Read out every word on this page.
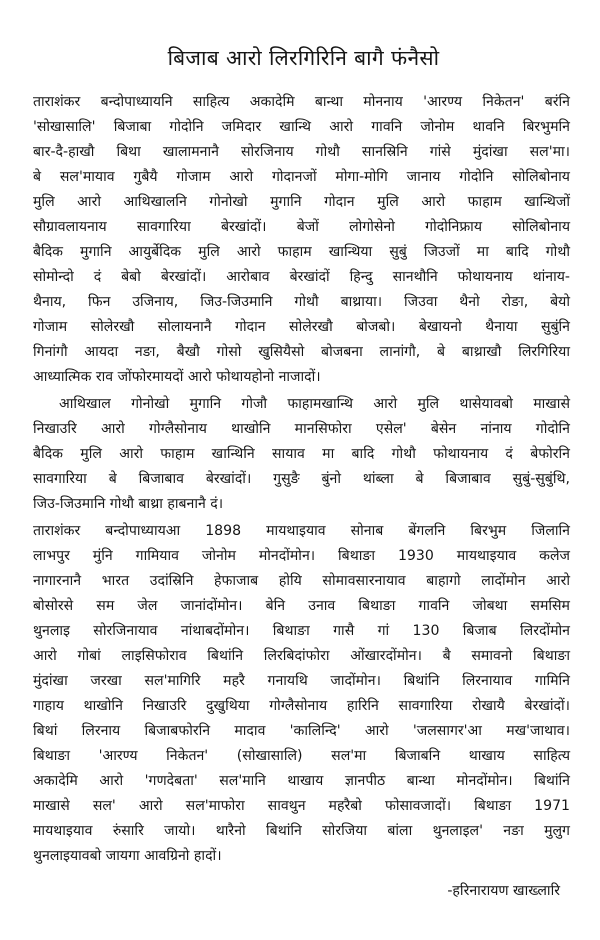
बिजाब आरो लिरगिरिनि बागै फंनैसो
ताराशंकर बन्दोपाध्यायनि साहित्य अकादेमि बान्था मोननाय 'आरण्य निकेतन' बरंनि
'सोखासालि' बिजाबा गोदोनि जमिदार खान्थि आरो गावनि जोनोम थावनि बिरभुमनि
बार-दै-हाखौ बिथा खालामनानै सोरजिनाय गोथौ सानस्रिनि गांसे मुंदांखा सल'मा।
बे सल'मायाव गुबैयै गोजाम आरो गोदानजों मोगा-मोगि जानाय गोदोनि सोलिबोनाय
मुलि आरो आथिखालनि गोनोखो मुगानि गोदान मुलि आरो फाहाम खान्थिजों
सौग्रावलायनाय सावगारिया बेरखांदों। बेजों लोगोसेनो गोदोनिफ्राय सोलिबोनाय
बैदिक मुगानि आयुर्बेदिक मुलि आरो फाहाम खान्थिया सुबुं जिउजों मा बादि गोथौ
सोमोन्दो दं बेबो बेरखांदों। आरोबाव बेरखांदों हिन्दु सानथौनि फोथायनाय थांनाय-
थैनाय, फिन उजिनाय, जिउ-जिउमानि गोथौ बाथ्राया। जिउवा थैनो रोङा, बेयो
गोजाम सोलेरखौ सोलायनानै गोदान सोलेरखौ बोजबो। बेखायनो थैनाया सुबुंनि
गिनांगौ आयदा नङा, बैखौ गोसो खुसियैसो बोजबना लानांगौ, बे बाथ्राखौ लिरगिरिया
आध्यात्मिक राव जोंफोरमायदों आरो फोथायहोनो नाजादों।
आथिखाल गोनोखो मुगानि गोजौ फाहामखान्थि आरो मुलि थासेयावबो माखासे
निखाउरि आरो गोग्लैसोनाय थाखोनि मानसिफोरा एसेल' बेसेन नांनाय गोदोनि
बैदिक मुलि आरो फाहाम खान्थिनि सायाव मा बादि गोथौ फोथायनाय दं बेफोरनि
सावगारिया बे बिजाबाव बेरखांदों। गुसुङै बुंनो थांब्ला बे बिजाबाव सुबुं-सुबुंथि,
जिउ-जिउमानि गोथौ बाथ्रा हाबनानै दं।
ताराशंकर बन्दोपाध्यायआ 1898 मायथाइयाव सोनाब बेंगलनि बिरभुम जिलानि
लाभपुर मुंनि गामियाव जोनोम मोनदोंमोन। बिथाङा 1930 मायथाइयाव कलेज
नागारनानै भारत उदांस्रिनि हेफाजाब होयि सोमावसारनायाव बाहागो लादोंमोन आरो
बोसोरसे सम जेल जानांदोंमोन। बेनि उनाव बिथाङा गावनि जोबथा समसिम
थुनलाइ सोरजिनायाव नांथाबदोंमोन। बिथाङा गासै गां 130 बिजाब लिरदोंमोन
आरो गोबां लाइसिफोराव बिथांनि लिरबिदांफोरा ओंखारदोंमोन। बै समावनो बिथाङा
मुंदांखा जरखा सल'मागिरि महरै गनायथि जादोंमोन। बिथांनि लिरनायाव गामिनि
गाहाय थाखोनि निखाउरि दुखुथिया गोग्लैसोनाय हारिनि सावगारिया रोखायै बेरखांदों।
बिथां लिरनाय बिजाबफोरनि मादाव 'कालिन्दि' आरो 'जलसागर'आ मख'जाथाव।
बिथाङा 'आरण्य निकेतन' (सोखासालि) सल'मा बिजाबनि थाखाय साहित्य
अकादेमि आरो 'गणदेबता' सल'मानि थाखाय ज्ञानपीठ बान्था मोनदोंमोन। बिथांनि
माखासे सल' आरो सल'माफोरा सावथुन महरैबो फोसावजादों। बिथाङा 1971
मायथाइयाव रुंसारि जायो। थारैनो बिथांनि सोरजिया बांला थुनलाइल' नङा मुलुग
थुनलाइयावबो जायगा आवग्रिनो हादों।
-हरिनारायण खाख्लारि
